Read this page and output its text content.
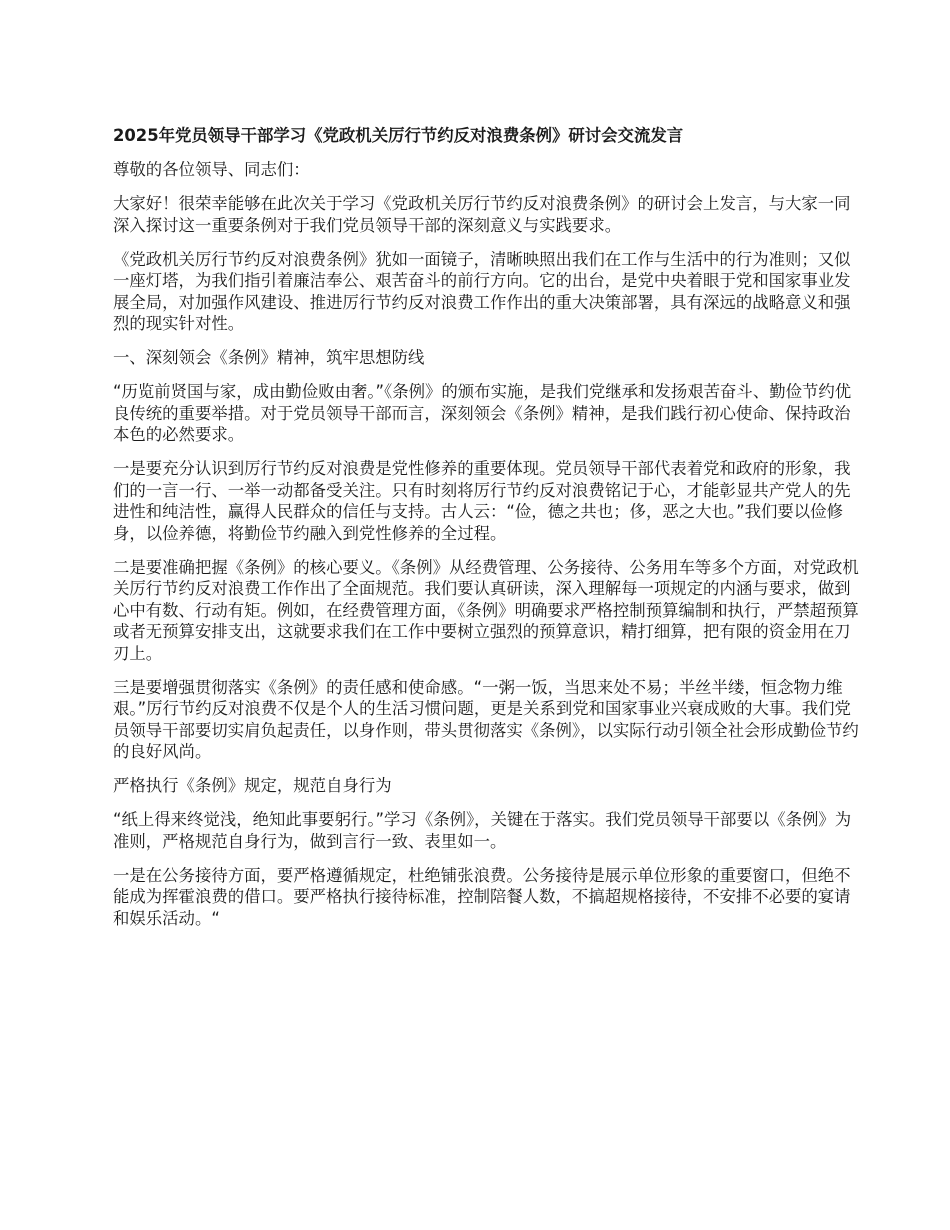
2025年党员领导干部学习《党政机关厉行节约反对浪费条例》研讨会交流发言

尊敬的各位领导、同志们：

大家好！很荣幸能够在此次关于学习《党政机关厉行节约反对浪费条例》的研讨会上发言，与大家一同深入探讨这一重要条例对于我们党员领导干部的深刻意义与实践要求。

《党政机关厉行节约反对浪费条例》犹如一面镜子，清晰映照出我们在工作与生活中的行为准则；又似一座灯塔，为我们指引着廉洁奉公、艰苦奋斗的前行方向。它的出台，是党中央着眼于党和国家事业发展全局，对加强作风建设、推进厉行节约反对浪费工作作出的重大决策部署，具有深远的战略意义和强烈的现实针对性。

一、深刻领会《条例》精神，筑牢思想防线

“历览前贤国与家，成由勤俭败由奢。”《条例》的颁布实施，是我们党继承和发扬艰苦奋斗、勤俭节约优良传统的重要举措。对于党员领导干部而言，深刻领会《条例》精神，是我们践行初心使命、保持政治本色的必然要求。

一是要充分认识到厉行节约反对浪费是党性修养的重要体现。党员领导干部代表着党和政府的形象，我们的一言一行、一举一动都备受关注。只有时刻将厉行节约反对浪费铭记于心，才能彰显共产党人的先进性和纯洁性，赢得人民群众的信任与支持。古人云：“俭，德之共也；侈，恶之大也。”我们要以俭修身，以俭养德，将勤俭节约融入到党性修养的全过程。

二是要准确把握《条例》的核心要义。《条例》从经费管理、公务接待、公务用车等多个方面，对党政机关厉行节约反对浪费工作作出了全面规范。我们要认真研读，深入理解每一项规定的内涵与要求，做到心中有数、行动有矩。例如，在经费管理方面，《条例》明确要求严格控制预算编制和执行，严禁超预算或者无预算安排支出，这就要求我们在工作中要树立强烈的预算意识，精打细算，把有限的资金用在刀刃上。

三是要增强贯彻落实《条例》的责任感和使命感。“一粥一饭，当思来处不易；半丝半缕，恒念物力维艰。”厉行节约反对浪费不仅是个人的生活习惯问题，更是关系到党和国家事业兴衰成败的大事。我们党员领导干部要切实肩负起责任，以身作则，带头贯彻落实《条例》，以实际行动引领全社会形成勤俭节约的良好风尚。

严格执行《条例》规定，规范自身行为

“纸上得来终觉浅，绝知此事要躬行。”学习《条例》，关键在于落实。我们党员领导干部要以《条例》为准则，严格规范自身行为，做到言行一致、表里如一。

一是在公务接待方面，要严格遵循规定，杜绝铺张浪费。公务接待是展示单位形象的重要窗口，但绝不能成为挥霍浪费的借口。要严格执行接待标准，控制陪餐人数，不搞超规格接待，不安排不必要的宴请和娱乐活动。“
